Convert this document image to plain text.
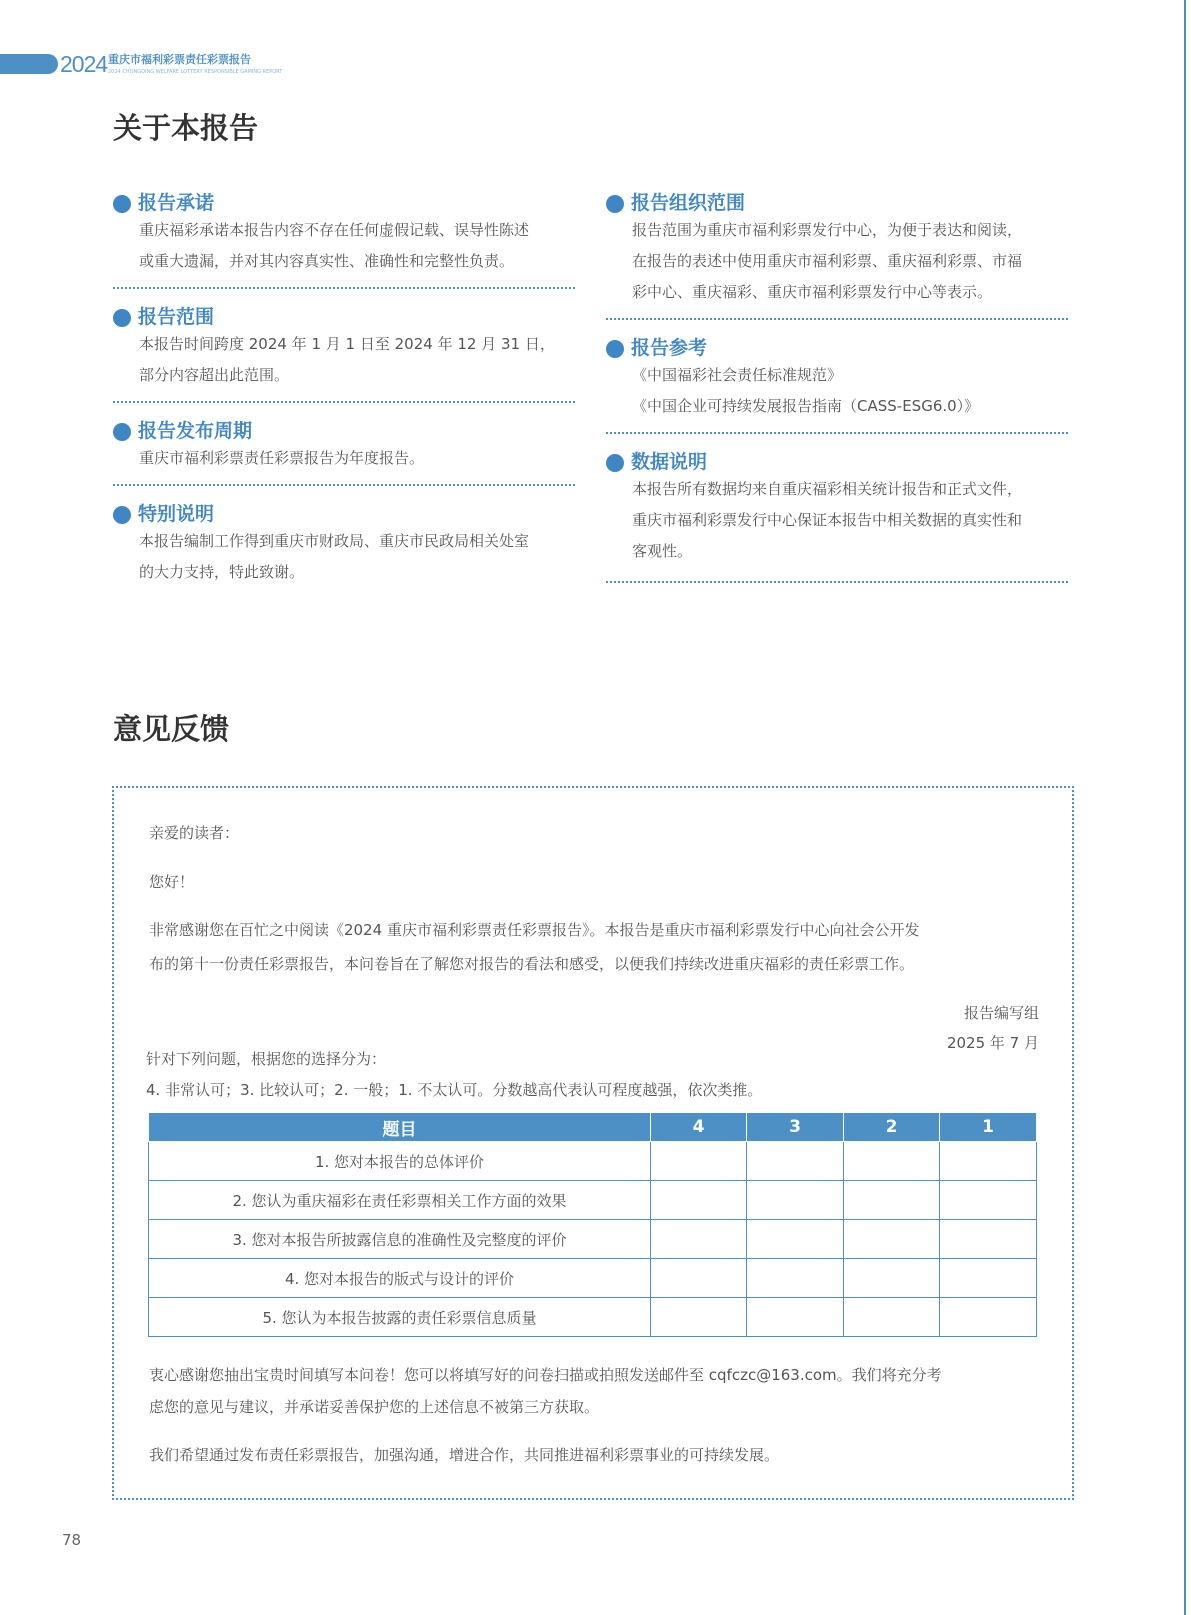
2024 重庆市福利彩票责任彩票报告
2024 CHONGQING WELFARE LOTTERY RESPONSIBLE GAMING REPORT
关于本报告
报告承诺
重庆福彩承诺本报告内容不存在任何虚假记载、误导性陈述
或重大遗漏，并对其内容真实性、准确性和完整性负责。
报告范围
本报告时间跨度 2024 年 1 月 1 日至 2024 年 12 月 31 日，
部分内容超出此范围。
报告发布周期
重庆市福利彩票责任彩票报告为年度报告。
特别说明
本报告编制工作得到重庆市财政局、重庆市民政局相关处室
的大力支持，特此致谢。
报告组织范围
报告范围为重庆市福利彩票发行中心，为便于表达和阅读，
在报告的表述中使用重庆市福利彩票、重庆福利彩票、市福
彩中心、重庆福彩、重庆市福利彩票发行中心等表示。
报告参考
《中国福彩社会责任标准规范》
《中国企业可持续发展报告指南（CASS-ESG6.0）》
数据说明
本报告所有数据均来自重庆福彩相关统计报告和正式文件，
重庆市福利彩票发行中心保证本报告中相关数据的真实性和
客观性。
意见反馈
亲爱的读者：
您好！
非常感谢您在百忙之中阅读《2024 重庆市福利彩票责任彩票报告》。本报告是重庆市福利彩票发行中心向社会公开发
布的第十一份责任彩票报告，本问卷旨在了解您对报告的看法和感受，以便我们持续改进重庆福彩的责任彩票工作。
报告编写组
2025 年 7 月
针对下列问题，根据您的选择分为：
4. 非常认可；3. 比较认可；2. 一般；1. 不太认可。分数越高代表认可程度越强，依次类推。
题目	4	3	2	1
1. 您对本报告的总体评价				
2. 您认为重庆福彩在责任彩票相关工作方面的效果				
3. 您对本报告所披露信息的准确性及完整度的评价				
4. 您对本报告的版式与设计的评价				
5. 您认为本报告披露的责任彩票信息质量				
衷心感谢您抽出宝贵时间填写本问卷！您可以将填写好的问卷扫描或拍照发送邮件至 cqfczc@163.com。我们将充分考
虑您的意见与建议，并承诺妥善保护您的上述信息不被第三方获取。
我们希望通过发布责任彩票报告，加强沟通，增进合作，共同推进福利彩票事业的可持续发展。
78
